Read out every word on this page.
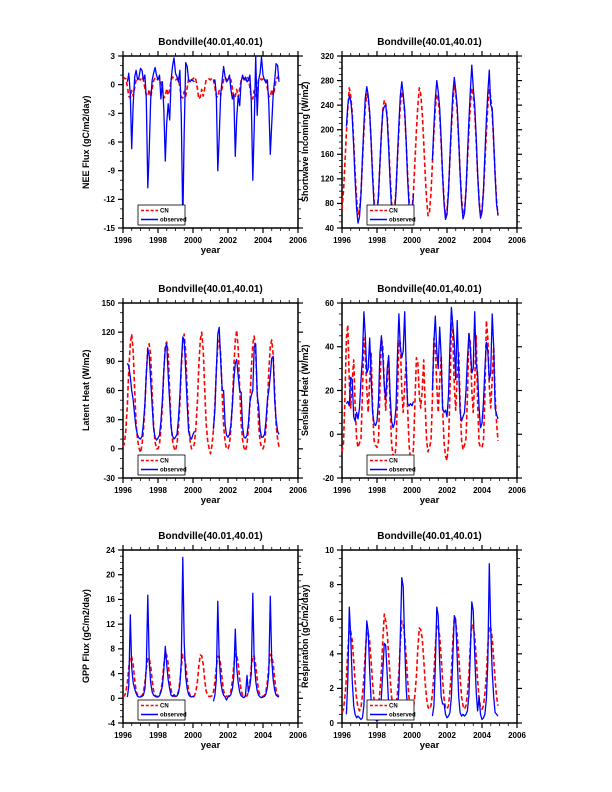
Bondville(40.01,40.01)
NEE Flux (gC/m2/day)
1996 1998 2000 2002 2004 2006
-15
-12
-9
-6
-3
0
3
CN
observed
year
Bondville(40.01,40.01)
Shortwave Incoming (W/m2)
1996 1998 2000 2002 2004 2006
40
80
120
160
200
240
280
320
CN
observed
year
Bondville(40.01,40.01)
Latent Heat (W/m2)
1996 1998 2000 2002 2004 2006
-30
0
30
60
90
120
150
CN
observed
year
Bondville(40.01,40.01)
Sensible Heat (W/m2)
1996 1998 2000 2002 2004 2006
-20
0
20
40
60
CN
observed
year
Bondville(40.01,40.01)
GPP Flux (gC/m2/day)
1996 1998 2000 2002 2004 2006
-4
0
4
8
12
16
20
24
CN
observed
year
Bondville(40.01,40.01)
Respiration (gC/m2/day)
1996 1998 2000 2002 2004 2006
0
2
4
6
8
10
CN
observed
year
